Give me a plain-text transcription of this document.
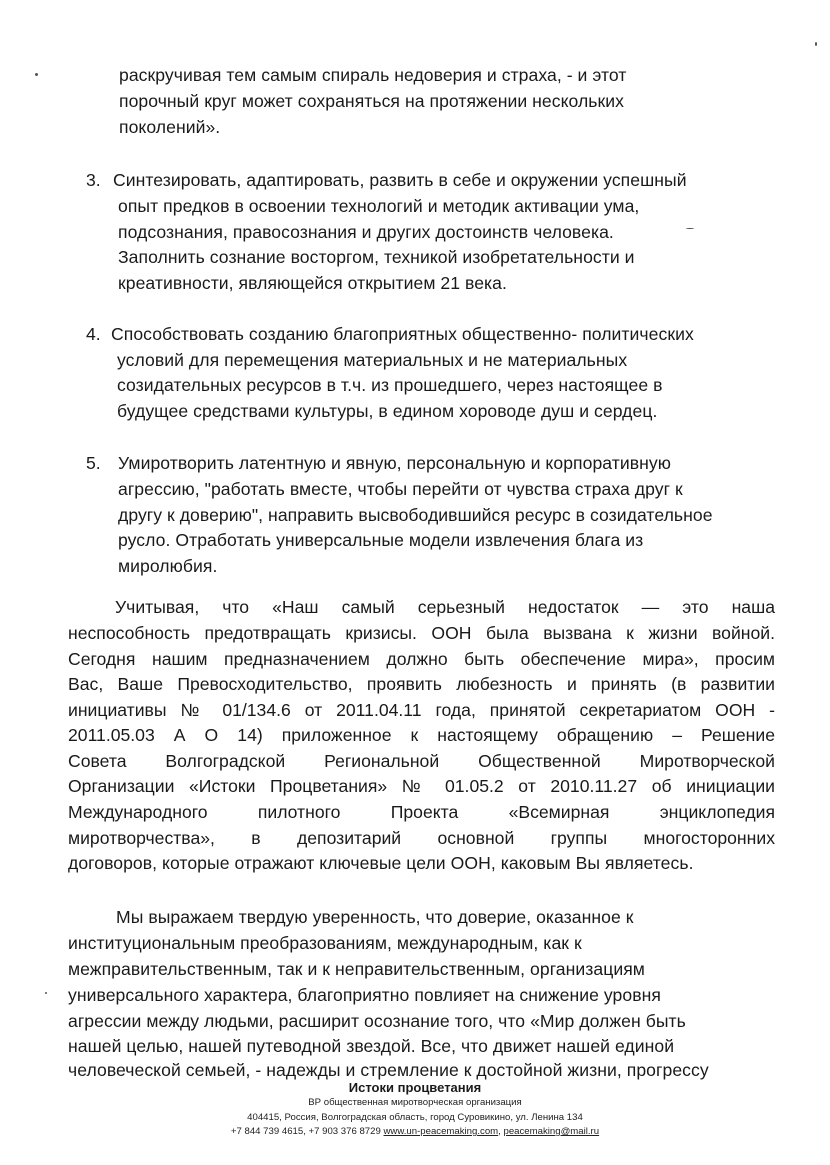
раскручивая тем самым спираль недоверия и страха, - и этот
порочный круг может сохраняться на протяжении нескольких
поколений».
3. Синтезировать, адаптировать, развить в себе и окружении успешный
опыт предков в освоении технологий и методик активации ума,
подсознания, правосознания и других достоинств человека.
Заполнить сознание восторгом, техникой изобретательности и
креативности, являющейся открытием 21 века.
4. Способствовать созданию благоприятных общественно- политических
условий для перемещения материальных и не материальных
созидательных ресурсов в т.ч. из прошедшего, через настоящее в
будущее средствами культуры, в едином хороводе душ и сердец.
5. Умиротворить латентную и явную, персональную и корпоративную
агрессию, "работать вместе, чтобы перейти от чувства страха друг к
другу к доверию", направить высвободившийся ресурс в созидательное
русло. Отработать универсальные модели извлечения блага из
миролюбия.
Учитывая, что «Наш самый серьезный недостаток — это наша
неспособность предотвращать кризисы. ООН была вызвана к жизни войной.
Сегодня нашим предназначением должно быть обеспечение мира», просим
Вас, Ваше Превосходительство, проявить любезность и принять (в развитии
инициативы № 01/134.6 от 2011.04.11 года, принятой секретариатом ООН -
2011.05.03 А О 14) приложенное к настоящему обращению – Решение
Совета Волгоградской Региональной Общественной Миротворческой
Организации «Истоки Процветания» № 01.05.2 от 2010.11.27 об инициации
Международного пилотного Проекта «Всемирная энциклопедия
миротворчества», в депозитарий основной группы многосторонних
договоров, которые отражают ключевые цели ООН, каковым Вы являетесь.
Мы выражаем твердую уверенность, что доверие, оказанное к
институциональным преобразованиям, международным, как к
межправительственным, так и к неправительственным, организациям
универсального характера, благоприятно повлияет на снижение уровня
агрессии между людьми, расширит осознание того, что «Мир должен быть
нашей целью, нашей путеводной звездой. Все, что движет нашей единой
человеческой семьей, - надежды и стремление к достойной жизни, прогрессу
Истоки процветания
ВР общественная миротворческая организация
404415, Россия, Волгоградская область, город Суровикино, ул. Ленина 134
+7 844 739 4615, +7 903 376 8729 www.un-peacemaking.com, peacemaking@mail.ru
